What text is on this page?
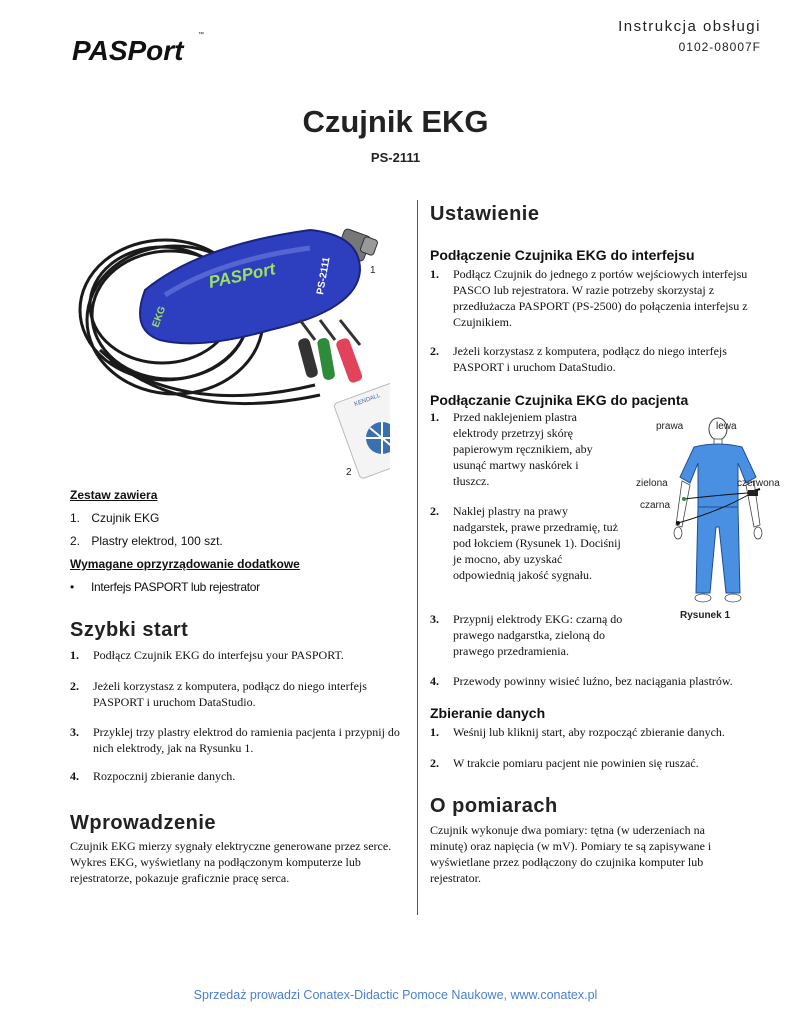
PASPort ™	Instrukcja obsługi
0102-08007F
Czujnik EKG
PS-2111
PASPort
EKG
PS-2111
KENDALL
1
2
Zestaw zawiera
1. Czujnik EKG
2. Plastry elektrod, 100 szt.
Wymagane oprzyrządowanie dodatkowe
• Interfejs PASPORT lub rejestrator
Szybki start
1.	Podłącz Czujnik EKG do interfejsu your PASPORT.
2.	Jeżeli korzystasz z komputera, podłącz do niego interfejs PASPORT i uruchom DataStudio.
3.	Przyklej trzy plastry elektrod do ramienia pacjenta i przypnij do nich elektrody, jak na Rysunku 1.
4.	Rozpocznij zbieranie danych.
Wprowadzenie
Czujnik EKG mierzy sygnały elektryczne generowane przez serce. Wykres EKG, wyświetlany na podłączonym komputerze lub rejestratorze, pokazuje graficznie pracę serca.
Ustawienie
Podłączenie Czujnika EKG do interfejsu
1.	Podłącz Czujnik do jednego z portów wejściowych interfejsu PASCO lub rejestratora. W razie potrzeby skorzystaj z przedłużacza PASPORT (PS-2500) do połączenia interfejsu z Czujnikiem.
2.	Jeżeli korzystasz z komputera, podłącz do niego interfejs PASPORT i uruchom DataStudio.
Podłączanie Czujnika EKG do pacjenta
1.	Przed naklejeniem plastra elektrody przetrzyj skórę papierowym ręcznikiem, aby usunąć martwy naskórek i tłuszcz.
2.	Naklej plastry na prawy nadgarstek, prawe przedramię, tuż pod łokciem (Rysunek 1). Dociśnij je mocno, aby uzyskać odpowiednią jakość sygnału.
3.	Przypnij elektrody EKG: czarną do prawego nadgarstka, zieloną do prawego przedramienia.
4.	Przewody powinny wisieć luźno, bez naciągania plastrów.
prawa	lewa
zielona	czerwona
czarna
Rysunek 1
Zbieranie danych
1.	Weśnij lub kliknij start, aby rozpocząć zbieranie danych.
2.	W trakcie pomiaru pacjent nie powinien się ruszać.
O pomiarach
Czujnik wykonuje dwa pomiary: tętna (w uderzeniach na minutę) oraz napięcia (w mV). Pomiary te są zapisywane i wyświetlane przez podłączony do czujnika komputer lub rejestrator.
Sprzedaż prowadzi Conatex-Didactic Pomoce Naukowe, www.conatex.pl
